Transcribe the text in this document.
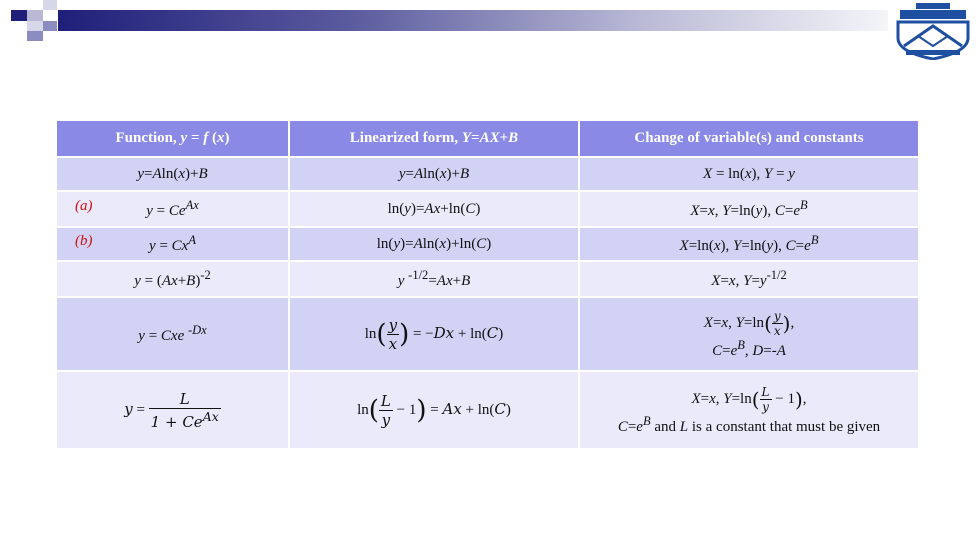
Function, y = f (x)	Linearized form, Y=AX+B	Change of variable(s) and constants
y=Aln(x)+B	y=Aln(x)+B	X = ln(x), Y = y

(a) $y = Ce^{Ax}$	ln(y)=Ax+ln(C)	X=x, Y=ln(y), $C=e^B$

(b) $y = Cx^A$	ln(y)=Aln(x)+ln(C)	X=ln(x), Y=ln(y), $C=e^B$
$y = (Ax+B)^{-2}$	y $^{-1/2}$=Ax+B	X=x, $Y=y^{-1/2}$
y = Cxe $^{-Dx}$	$\ln( \frac{y}{x}$ ) = −Dx + ln(C)	X=x, $Y=\ln( \frac{y}{x}$ ),
$C=e^B$, D=-A
$y = \frac{L}{1 + Ce^{Ax}}$	$\ln( \frac{L}{y} - 1) = Ax + \ln(C)$	X=x, $Y=\ln( \frac{L}{y} - 1)$,
$C=e^B$ and L is a constant that must be given
